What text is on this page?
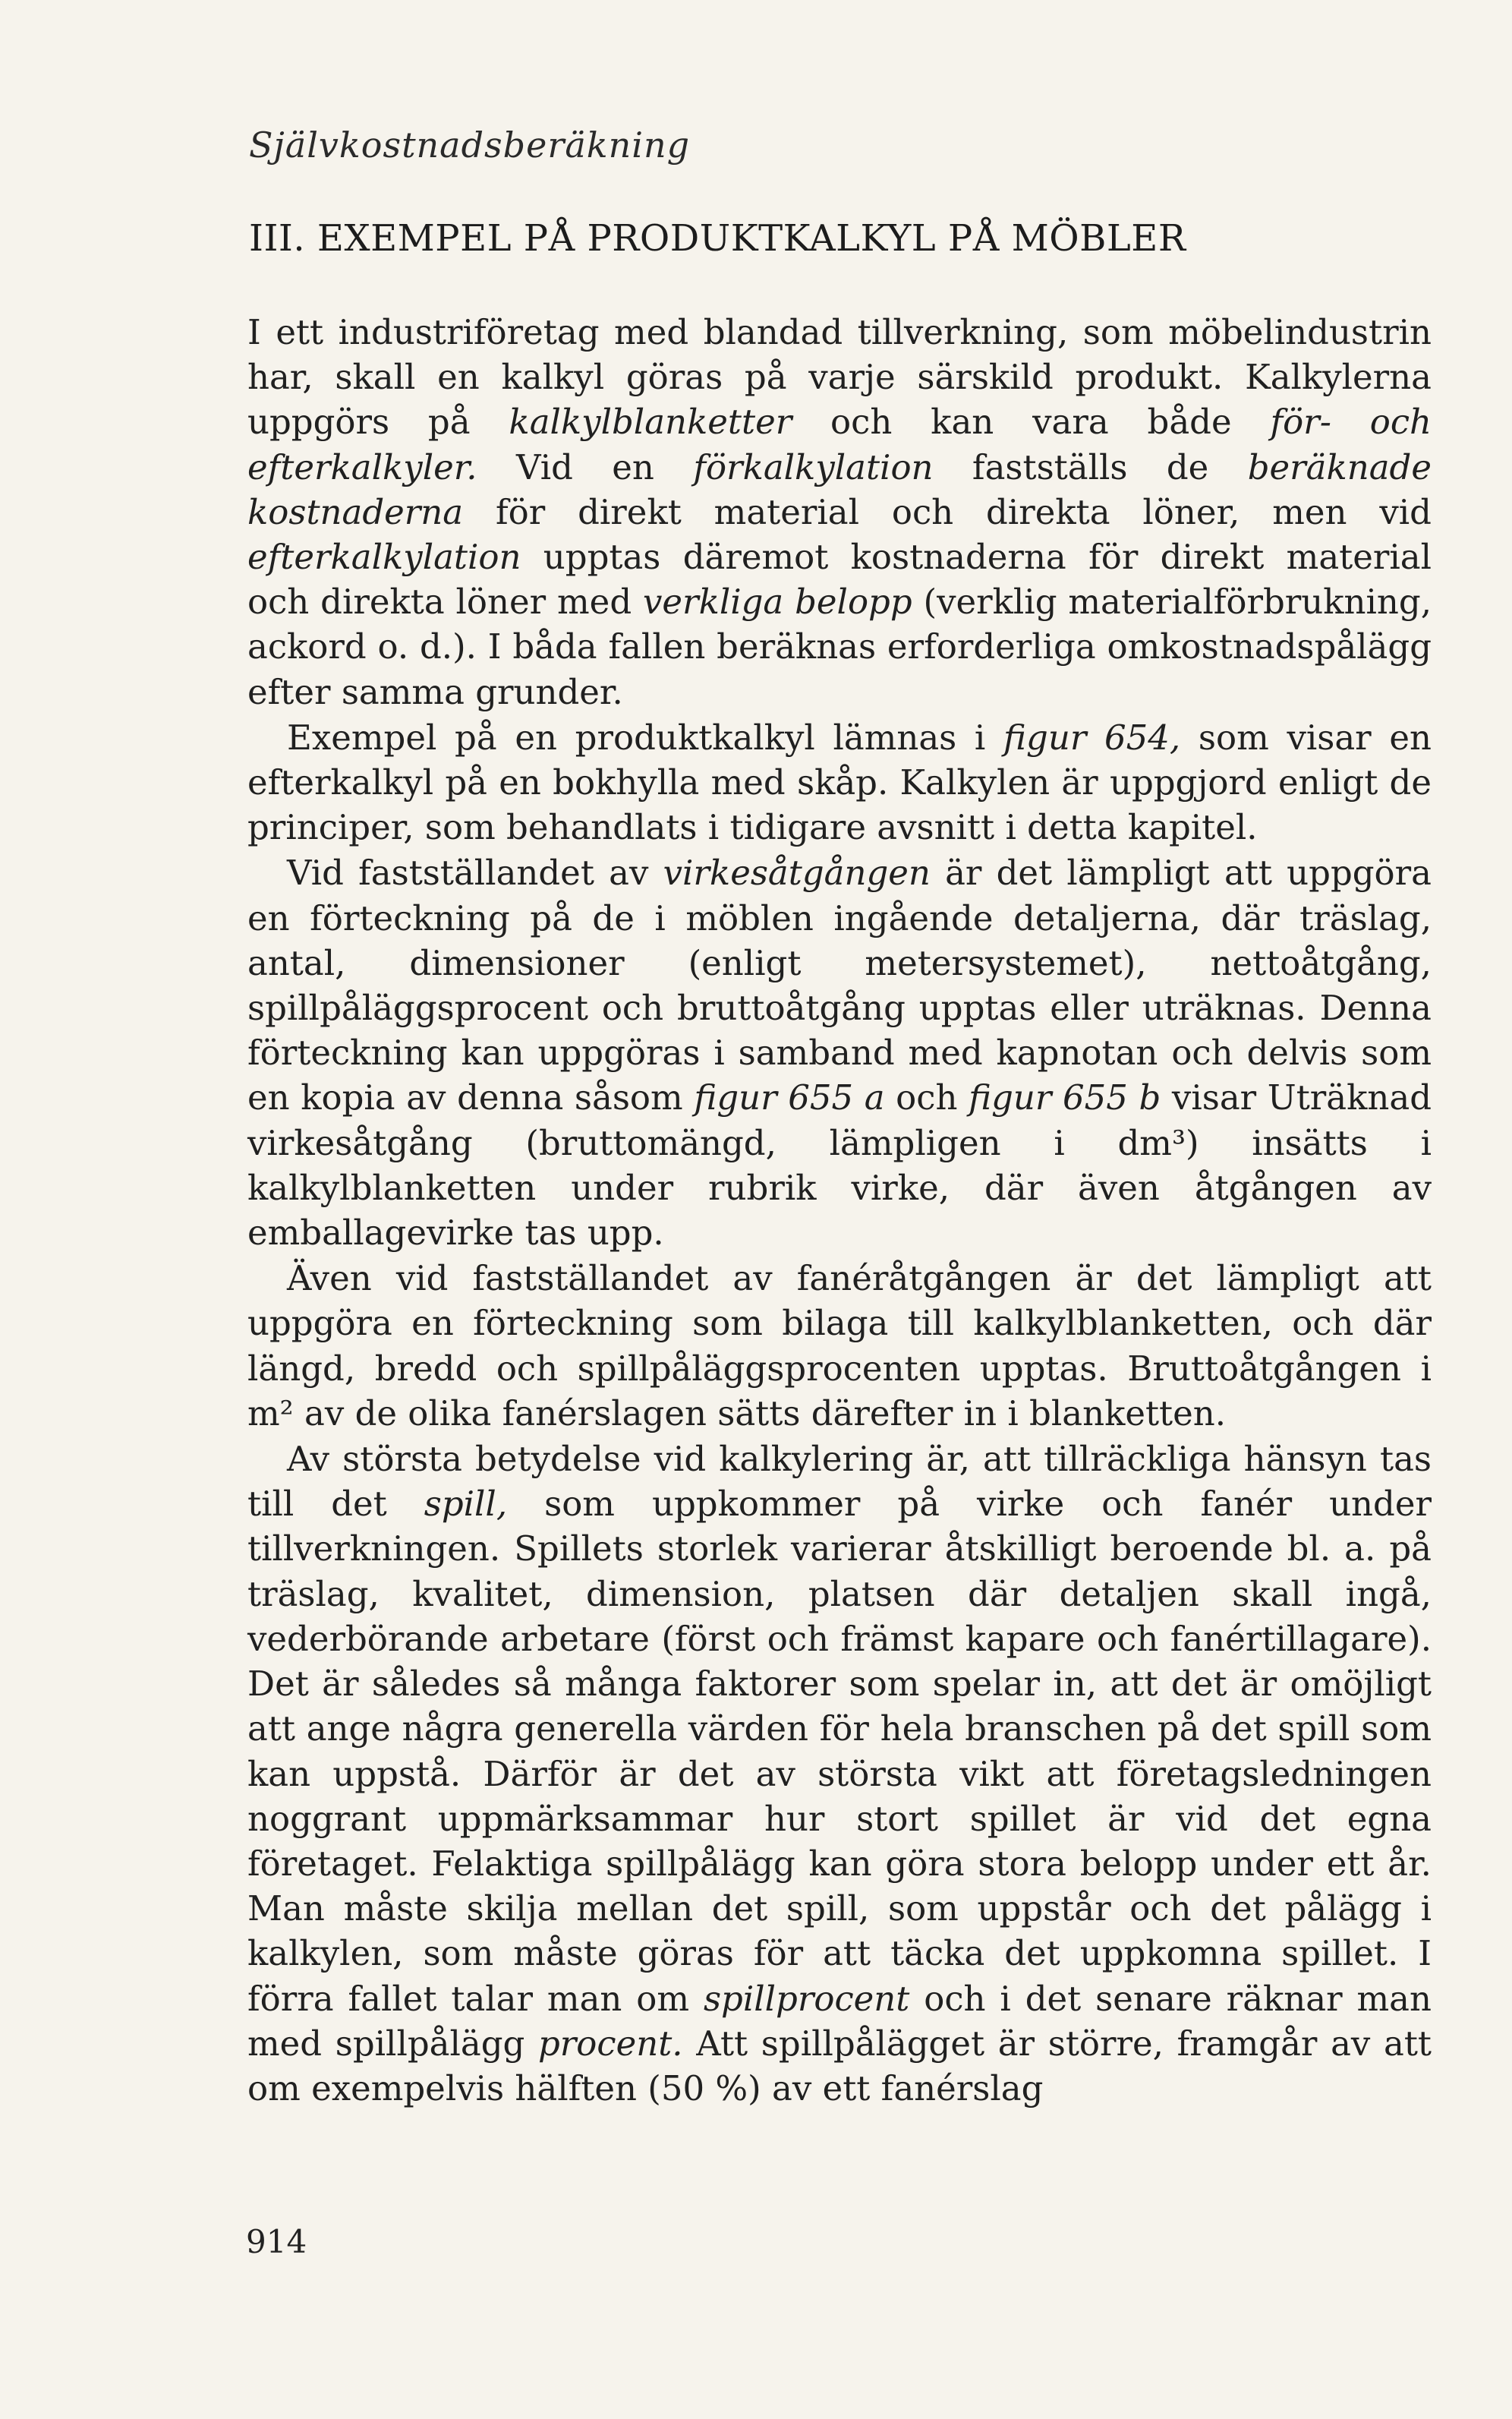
Självkostnadsberäkning
III. EXEMPEL PÅ PRODUKTKALKYL PÅ MÖBLER

I ett industriföretag med blandad tillverkning, som möbelindustrin har, skall en kalkyl göras på varje särskild produkt. Kalkylerna uppgörs på kalkylblanketter och kan vara både för- och efterkalkyler. Vid en förkalkylation fastställs de beräknade kostnaderna för direkt material och direkta löner, men vid efterkalkylation upptas däremot kostnaderna för direkt material och direkta löner med verkliga belopp (verklig materialförbrukning, ackord o. d.). I båda fallen beräknas erforderliga omkostnadspålägg efter samma grunder.

Exempel på en produktkalkyl lämnas i figur 654, som visar en efterkalkyl på en bokhylla med skåp. Kalkylen är uppgjord enligt de principer, som behandlats i tidigare avsnitt i detta kapitel.

Vid fastställandet av virkesåtgången är det lämpligt att uppgöra en förteckning på de i möblen ingående detaljerna, där träslag, antal, dimensioner (enligt metersystemet), nettoåtgång, spillpåläggsprocent och bruttoåtgång upptas eller uträknas. Denna förteckning kan uppgöras i samband med kapnotan och delvis som en kopia av denna såsom figur 655 a och figur 655 b visar Uträknad virkesåtgång (bruttomängd, lämpligen i dm³) insätts i kalkylblanketten under rubrik virke, där även åtgången av emballagevirke tas upp.

Även vid fastställandet av fanéråtgången är det lämpligt att uppgöra en förteckning som bilaga till kalkylblanketten, och där längd, bredd och spillpåläggsprocenten upptas. Bruttoåtgången i m² av de olika fanérslagen sätts därefter in i blanketten.

Av största betydelse vid kalkylering är, att tillräckliga hänsyn tas till det spill, som uppkommer på virke och fanér under tillverkningen. Spillets storlek varierar åtskilligt beroende bl. a. på träslag, kvalitet, dimension, platsen där detaljen skall ingå, vederbörande arbetare (först och främst kapare och fanértillagare). Det är således så många faktorer som spelar in, att det är omöjligt att ange några generella värden för hela branschen på det spill som kan uppstå. Därför är det av största vikt att företagsledningen noggrant uppmärksammar hur stort spillet är vid det egna företaget. Felaktiga spillpålägg kan göra stora belopp under ett år. Man måste skilja mellan det spill, som uppstår och det pålägg i kalkylen, som måste göras för att täcka det uppkomna spillet. I förra fallet talar man om spillprocent och i det senare räknar man med spillpålägg procent. Att spillpålägget är större, framgår av att om exempelvis hälften (50 %) av ett fanérslag

914
